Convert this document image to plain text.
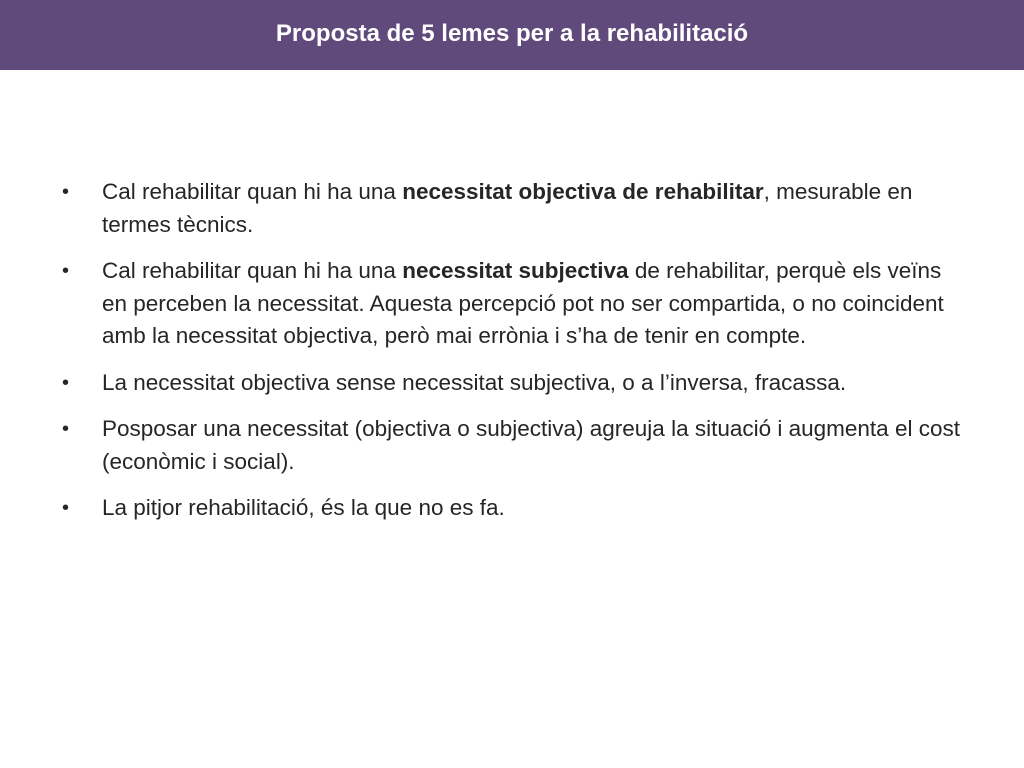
Proposta de 5 lemes per a la rehabilitació
•	Cal rehabilitar quan hi ha una necessitat objectiva de rehabilitar, mesurable en termes tècnics.
•	Cal rehabilitar quan hi ha una necessitat subjectiva de rehabilitar, perquè els veïns en perceben la necessitat. Aquesta percepció pot no ser compartida, o no coincident amb la necessitat objectiva, però mai errònia i s’ha de tenir en compte.
•	La necessitat objectiva sense necessitat subjectiva, o a l’inversa, fracassa.
•	Posposar una necessitat (objectiva o subjectiva) agreuja la situació i augmenta el cost (econòmic i social).
•	La pitjor rehabilitació, és la que no es fa.
